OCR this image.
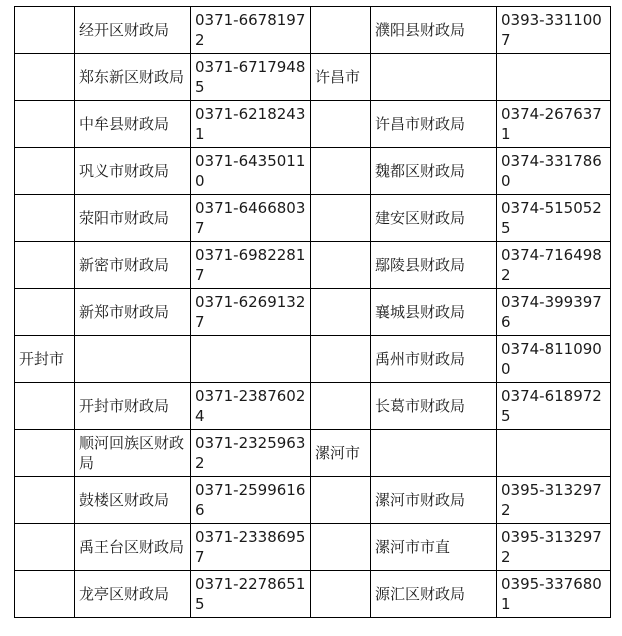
	经开区财政局	0371-66781972		濮阳县财政局	0393-3311007
	郑东新区财政局	0371-67179485	许昌市		
	中牟县财政局	0371-62182431		许昌市财政局	0374-2676371
	巩义市财政局	0371-64350110		魏都区财政局	0374-3317860
	荥阳市财政局	0371-64668037		建安区财政局	0374-5150525
	新密市财政局	0371-69822817		鄢陵县财政局	0374-7164982
	新郑市财政局	0371-62691327		襄城县财政局	0374-3993976
开封市				禹州市财政局	0374-8110900
	开封市财政局	0371-23876024		长葛市财政局	0374-6189725
	顺河回族区财政局	0371-23259632	漯河市		
	鼓楼区财政局	0371-25996166		漯河市财政局	0395-3132972
	禹王台区财政局	0371-23386957		漯河市市直	0395-3132972
	龙亭区财政局	0371-22786515		源汇区财政局	0395-3376801
